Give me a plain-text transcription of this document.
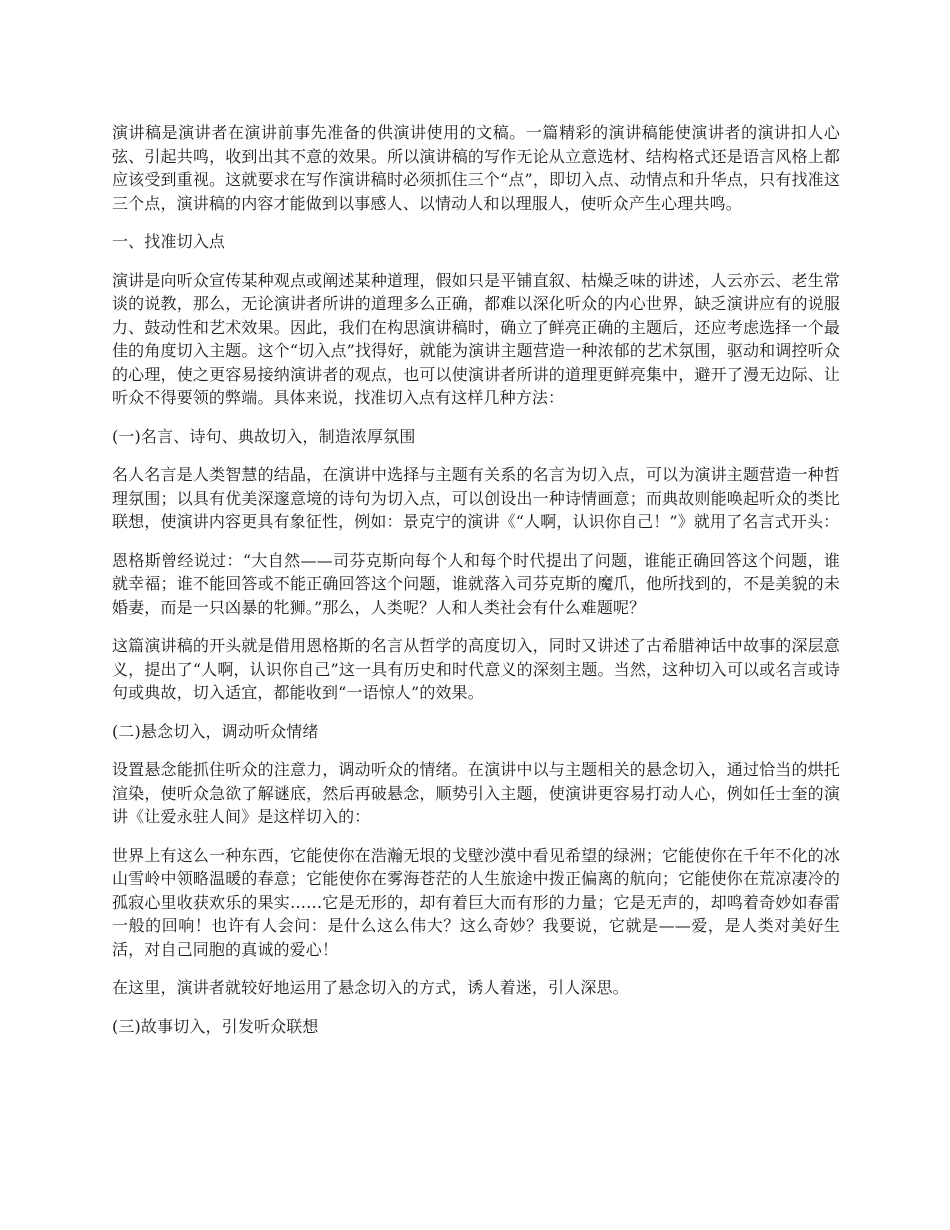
演讲稿是演讲者在演讲前事先准备的供演讲使用的文稿。一篇精彩的演讲稿能使演讲者的演讲扣人心弦、引起共鸣，收到出其不意的效果。所以演讲稿的写作无论从立意选材、结构格式还是语言风格上都应该受到重视。这就要求在写作演讲稿时必须抓住三个“点”，即切入点、动情点和升华点，只有找准这三个点，演讲稿的内容才能做到以事感人、以情动人和以理服人，使听众产生心理共鸣。

一、找准切入点

演讲是向听众宣传某种观点或阐述某种道理，假如只是平铺直叙、枯燥乏味的讲述，人云亦云、老生常谈的说教，那么，无论演讲者所讲的道理多么正确，都难以深化听众的内心世界，缺乏演讲应有的说服力、鼓动性和艺术效果。因此，我们在构思演讲稿时，确立了鲜亮正确的主题后，还应考虑选择一个最佳的角度切入主题。这个“切入点”找得好，就能为演讲主题营造一种浓郁的艺术氛围，驱动和调控听众的心理，使之更容易接纳演讲者的观点，也可以使演讲者所讲的道理更鲜亮集中，避开了漫无边际、让听众不得要领的弊端。具体来说，找准切入点有这样几种方法：

(一)名言、诗句、典故切入，制造浓厚氛围

名人名言是人类智慧的结晶，在演讲中选择与主题有关系的名言为切入点，可以为演讲主题营造一种哲理氛围；以具有优美深邃意境的诗句为切入点，可以创设出一种诗情画意；而典故则能唤起听众的类比联想，使演讲内容更具有象征性，例如：景克宁的演讲《“人啊，认识你自己！”》就用了名言式开头：

恩格斯曾经说过：“大自然——司芬克斯向每个人和每个时代提出了问题，谁能正确回答这个问题，谁就幸福；谁不能回答或不能正确回答这个问题，谁就落入司芬克斯的魔爪，他所找到的，不是美貌的未婚妻，而是一只凶暴的牝狮。”那么，人类呢？人和人类社会有什么难题呢？

这篇演讲稿的开头就是借用恩格斯的名言从哲学的高度切入，同时又讲述了古希腊神话中故事的深层意义，提出了“人啊，认识你自己”这一具有历史和时代意义的深刻主题。当然，这种切入可以或名言或诗句或典故，切入适宜，都能收到“一语惊人”的效果。

(二)悬念切入，调动听众情绪

设置悬念能抓住听众的注意力，调动听众的情绪。在演讲中以与主题相关的悬念切入，通过恰当的烘托渲染，使听众急欲了解谜底，然后再破悬念，顺势引入主题，使演讲更容易打动人心，例如任士奎的演讲《让爱永驻人间》是这样切入的：

世界上有这么一种东西，它能使你在浩瀚无垠的戈壁沙漠中看见希望的绿洲；它能使你在千年不化的冰山雪岭中领略温暖的春意；它能使你在雾海苍茫的人生旅途中拨正偏离的航向；它能使你在荒凉凄冷的孤寂心里收获欢乐的果实……它是无形的，却有着巨大而有形的力量；它是无声的，却鸣着奇妙如春雷一般的回响！也许有人会问：是什么这么伟大？这么奇妙？我要说，它就是——爱，是人类对美好生活，对自己同胞的真诚的爱心！

在这里，演讲者就较好地运用了悬念切入的方式，诱人着迷，引人深思。

(三)故事切入，引发听众联想
